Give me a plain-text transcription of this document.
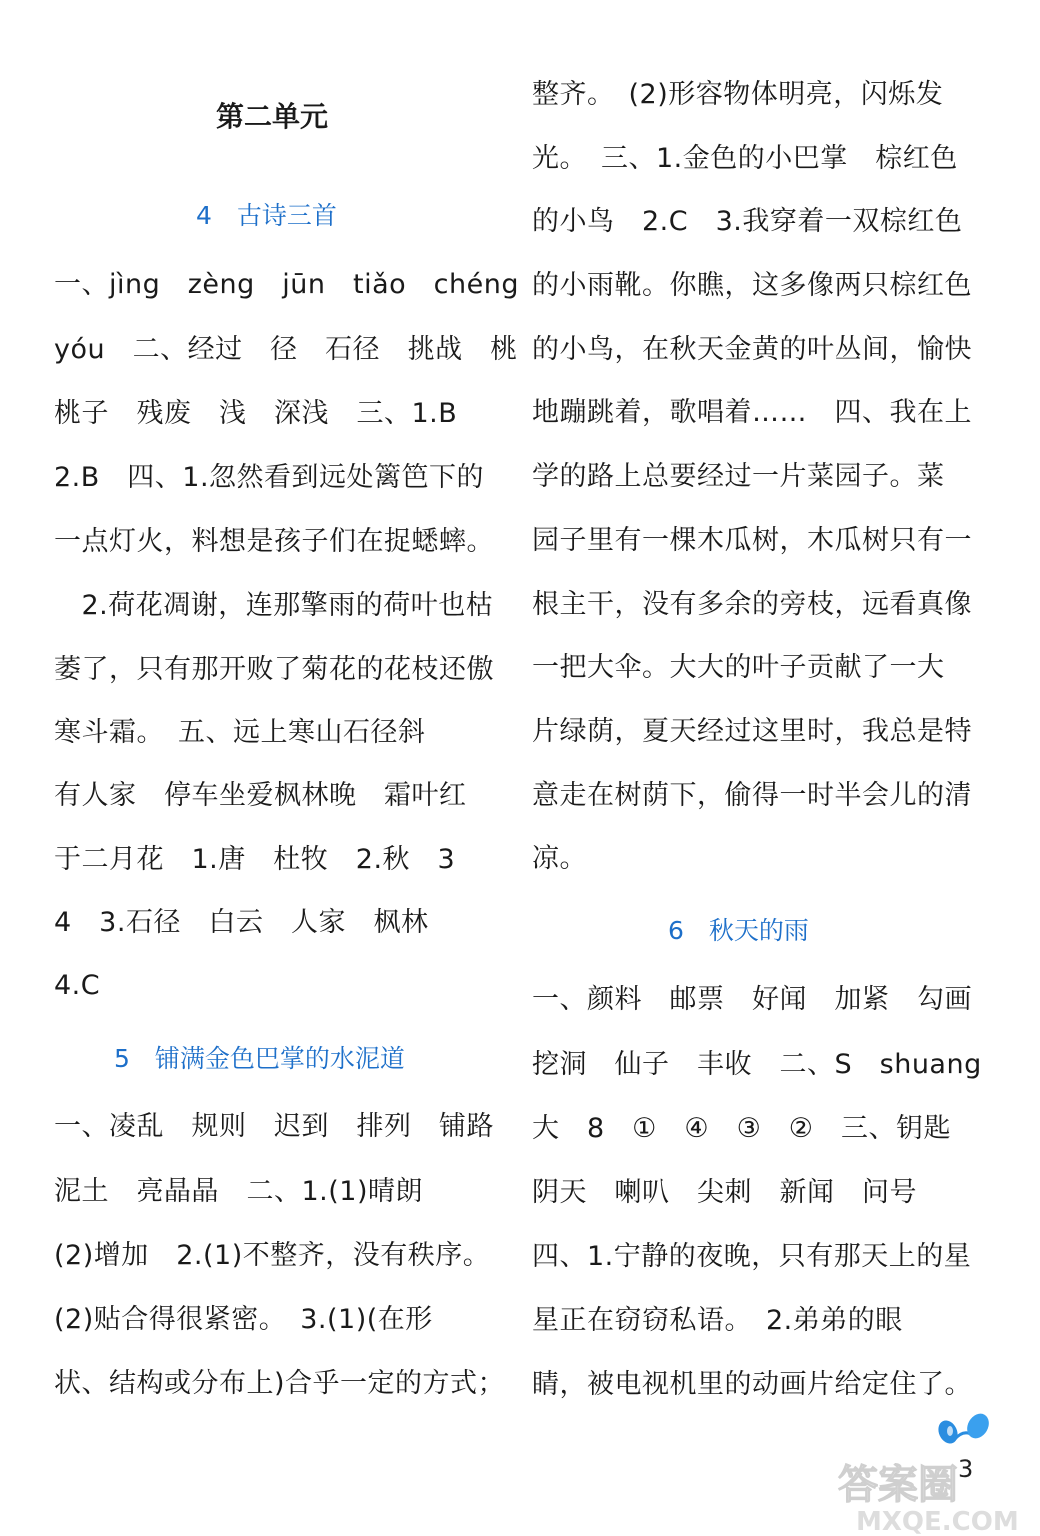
第二单元
4　古诗三首
一、jìng　zèng　jūn　tiǎo　chéng
yóu　二、经过　径　石径　挑战　桃
桃子　残废　浅　深浅　三、1.B
2.B　四、1.忽然看到远处篱笆下的
一点灯火，料想是孩子们在捉蟋蟀。
　2.荷花凋谢，连那擎雨的荷叶也枯
萎了，只有那开败了菊花的花枝还傲
寒斗霜。　五、远上寒山石径斜
有人家　停车坐爱枫林晚　霜叶红
于二月花　1.唐　杜牧　2.秋　3
4　3.石径　白云　人家　枫林
4.C
5　铺满金色巴掌的水泥道
一、凌乱　规则　迟到　排列　铺路
泥土　亮晶晶　二、1.(1)晴朗
(2)增加　2.(1)不整齐，没有秩序。
(2)贴合得很紧密。　3.(1)(在形
状、结构或分布上)合乎一定的方式；
整齐。　(2)形容物体明亮，闪烁发
光。　三、1.金色的小巴掌　棕红色
的小鸟　2.C　3.我穿着一双棕红色
的小雨靴。你瞧，这多像两只棕红色
的小鸟，在秋天金黄的叶丛间，愉快
地蹦跳着，歌唱着……　四、我在上
学的路上总要经过一片菜园子。菜
园子里有一棵木瓜树，木瓜树只有一
根主干，没有多余的旁枝，远看真像
一把大伞。大大的叶子贡献了一大
片绿荫，夏天经过这里时，我总是特
意走在树荫下，偷得一时半会儿的清
凉。
6　秋天的雨
一、颜料　邮票　好闻　加紧　勾画
挖洞　仙子　丰收　二、S　shuang
大　8　①　④　③　②　三、钥匙
阴天　喇叭　尖刺　新闻　问号
四、1.宁静的夜晚，只有那天上的星
星正在窃窃私语。　2.弟弟的眼
睛，被电视机里的动画片给定住了。
答案圈
MXQE.COM
3
